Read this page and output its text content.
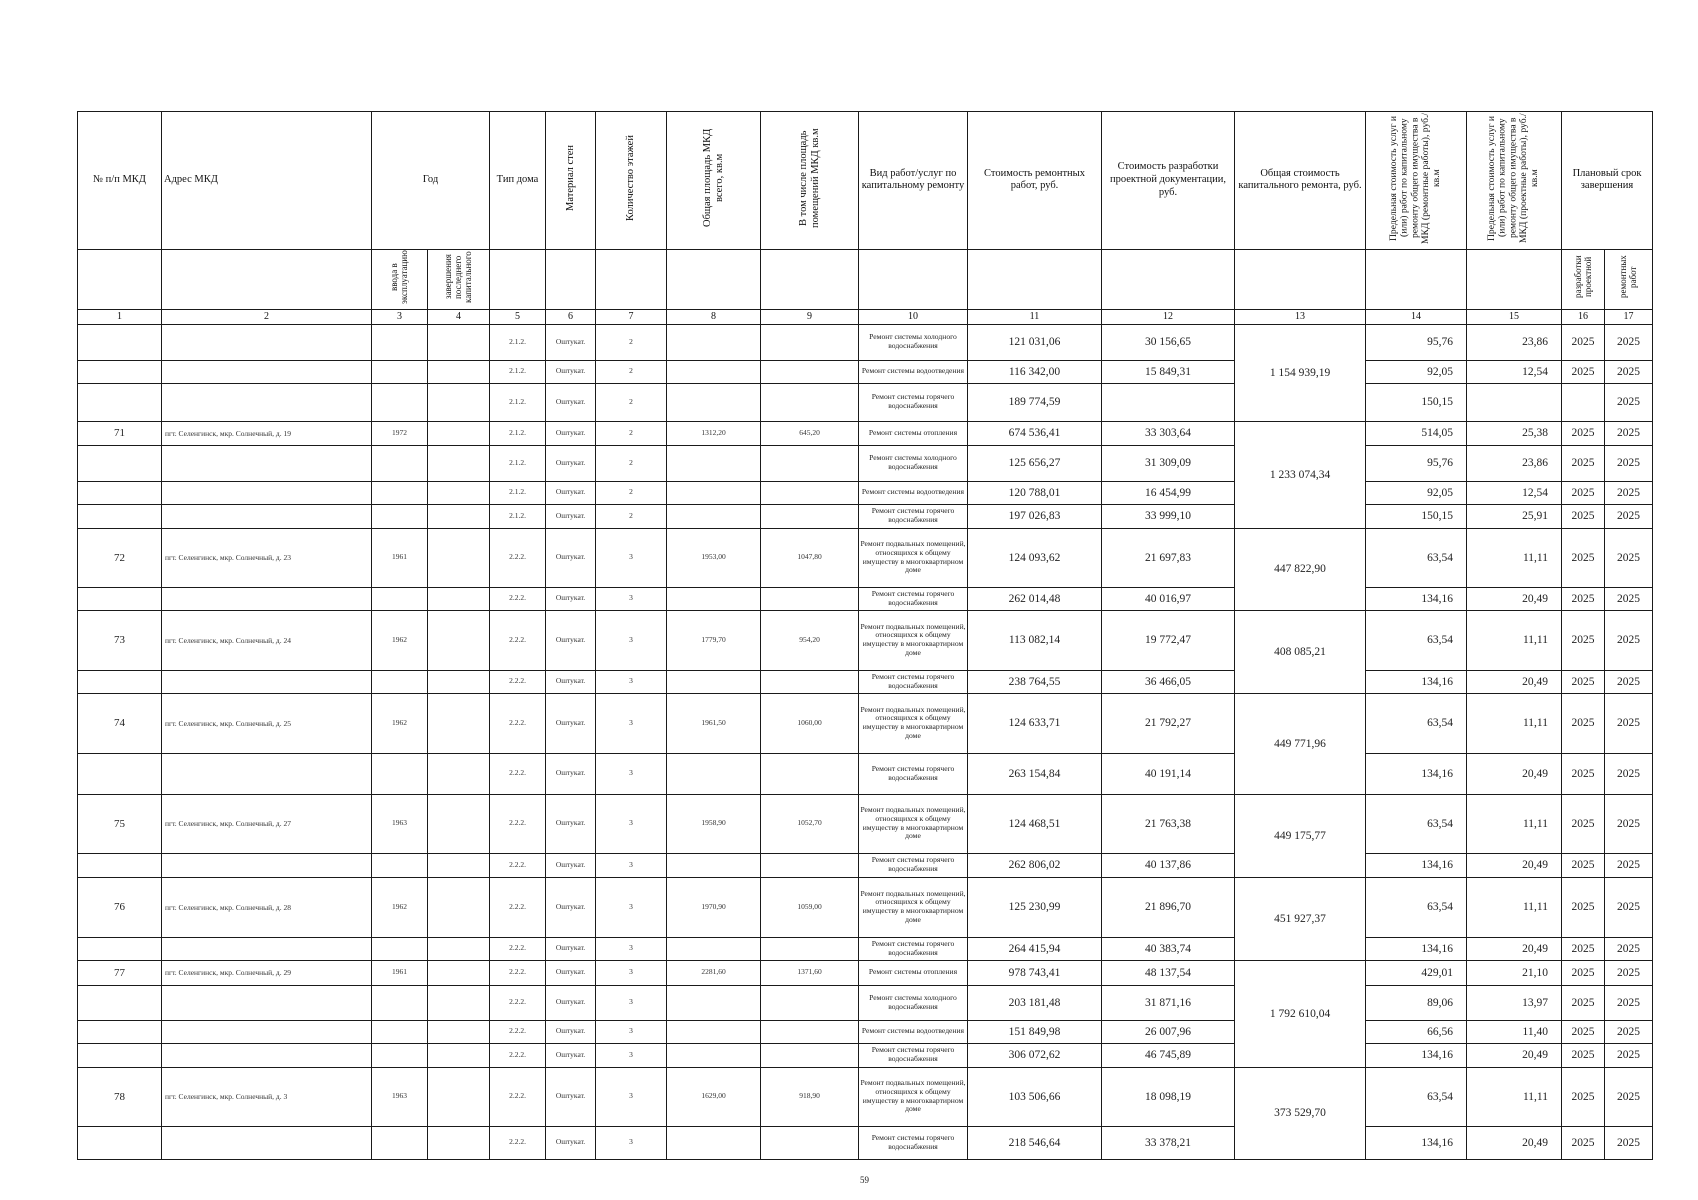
№ п/п МКД	Адрес МКД	Год		Тип дома	Материал стен	Количество этажей	Общая площадь МКД всего, кв.м	В том числе площадь помещений МКД кв.м	Вид работ/услуг по капитальному ремонту	Стоимость ремонтных работ, руб.	Стоимость разработки проектной документации, руб.	Общая стоимость капитального ремонта, руб.	Предельная стоимость услуг и (или) работ по капитальному ремонту общего имущества в МКД (ремонтные работы), руб./кв.м	Предельная стоимость услуг и (или) работ по капитальному ремонту общего имущества в МКД (проектные работы), руб./кв.м	Плановый срок завершения	
		ввода в эксплуатацию	завершения последнего капитального												разработки проектной	ремонтных работ
1	2	3	4	5	6	7	8	9	10	11	12	13	14	15	16	17
				2.1.2.	Оштукат.	2			Ремонт системы холодного водоснабжения	121 031,06	30 156,65	1 154 939,19	95,76	23,86	2025	2025
				2.1.2.	Оштукат.	2			Ремонт системы водоотведения	116 342,00	15 849,31		92,05	12,54	2025	2025
				2.1.2.	Оштукат.	2			Ремонт системы горячего водоснабжения	189 774,59			150,15			2025
71	пгт. Селенгинск, мкр. Солнечный, д. 19	1972		2.1.2.	Оштукат.	2	1312,20	645,20	Ремонт системы отопления	674 536,41	33 303,64	1 233 074,34	514,05	25,38	2025	2025
				2.1.2.	Оштукат.	2			Ремонт системы холодного водоснабжения	125 656,27	31 309,09		95,76	23,86	2025	2025
				2.1.2.	Оштукат.	2			Ремонт системы водоотведения	120 788,01	16 454,99		92,05	12,54	2025	2025
				2.1.2.	Оштукат.	2			Ремонт системы горячего водоснабжения	197 026,83	33 999,10		150,15	25,91	2025	2025
72	пгт. Селенгинск, мкр. Солнечный, д. 23	1961		2.2.2.	Оштукат.	3	1953,00	1047,80	Ремонт подвальных помещений, относящихся к общему имуществу в многоквартирном доме	124 093,62	21 697,83	447 822,90	63,54	11,11	2025	2025
				2.2.2.	Оштукат.	3			Ремонт системы горячего водоснабжения	262 014,48	40 016,97		134,16	20,49	2025	2025
73	пгт. Селенгинск, мкр. Солнечный, д. 24	1962		2.2.2.	Оштукат.	3	1779,70	954,20	Ремонт подвальных помещений, относящихся к общему имуществу в многоквартирном доме	113 082,14	19 772,47	408 085,21	63,54	11,11	2025	2025
				2.2.2.	Оштукат.	3			Ремонт системы горячего водоснабжения	238 764,55	36 466,05		134,16	20,49	2025	2025
74	пгт. Селенгинск, мкр. Солнечный, д. 25	1962		2.2.2.	Оштукат.	3	1961,50	1060,00	Ремонт подвальных помещений, относящихся к общему имуществу в многоквартирном доме	124 633,71	21 792,27	449 771,96	63,54	11,11	2025	2025
				2.2.2.	Оштукат.	3			Ремонт системы горячего водоснабжения	263 154,84	40 191,14		134,16	20,49	2025	2025
75	пгт. Селенгинск, мкр. Солнечный, д. 27	1963		2.2.2.	Оштукат.	3	1958,90	1052,70	Ремонт подвальных помещений, относящихся к общему имуществу в многоквартирном доме	124 468,51	21 763,38	449 175,77	63,54	11,11	2025	2025
				2.2.2.	Оштукат.	3			Ремонт системы горячего водоснабжения	262 806,02	40 137,86		134,16	20,49	2025	2025
76	пгт. Селенгинск, мкр. Солнечный, д. 28	1962		2.2.2.	Оштукат.	3	1970,90	1059,00	Ремонт подвальных помещений, относящихся к общему имуществу в многоквартирном доме	125 230,99	21 896,70	451 927,37	63,54	11,11	2025	2025
				2.2.2.	Оштукат.	3			Ремонт системы горячего водоснабжения	264 415,94	40 383,74		134,16	20,49	2025	2025
77	пгт. Селенгинск, мкр. Солнечный, д. 29	1961		2.2.2.	Оштукат.	3	2281,60	1371,60	Ремонт системы отопления	978 743,41	48 137,54	1 792 610,04	429,01	21,10	2025	2025
				2.2.2.	Оштукат.	3			Ремонт системы холодного водоснабжения	203 181,48	31 871,16		89,06	13,97	2025	2025
				2.2.2.	Оштукат.	3			Ремонт системы водоотведения	151 849,98	26 007,96		66,56	11,40	2025	2025
				2.2.2.	Оштукат.	3			Ремонт системы горячего водоснабжения	306 072,62	46 745,89		134,16	20,49	2025	2025
78	пгт. Селенгинск, мкр. Солнечный, д. 3	1963		2.2.2.	Оштукат.	3	1629,00	918,90	Ремонт подвальных помещений, относящихся к общему имуществу в многоквартирном доме	103 506,66	18 098,19	373 529,70	63,54	11,11	2025	2025
				2.2.2.	Оштукат.	3			Ремонт системы горячего водоснабжения	218 546,64	33 378,21		134,16	20,49	2025	2025
59
